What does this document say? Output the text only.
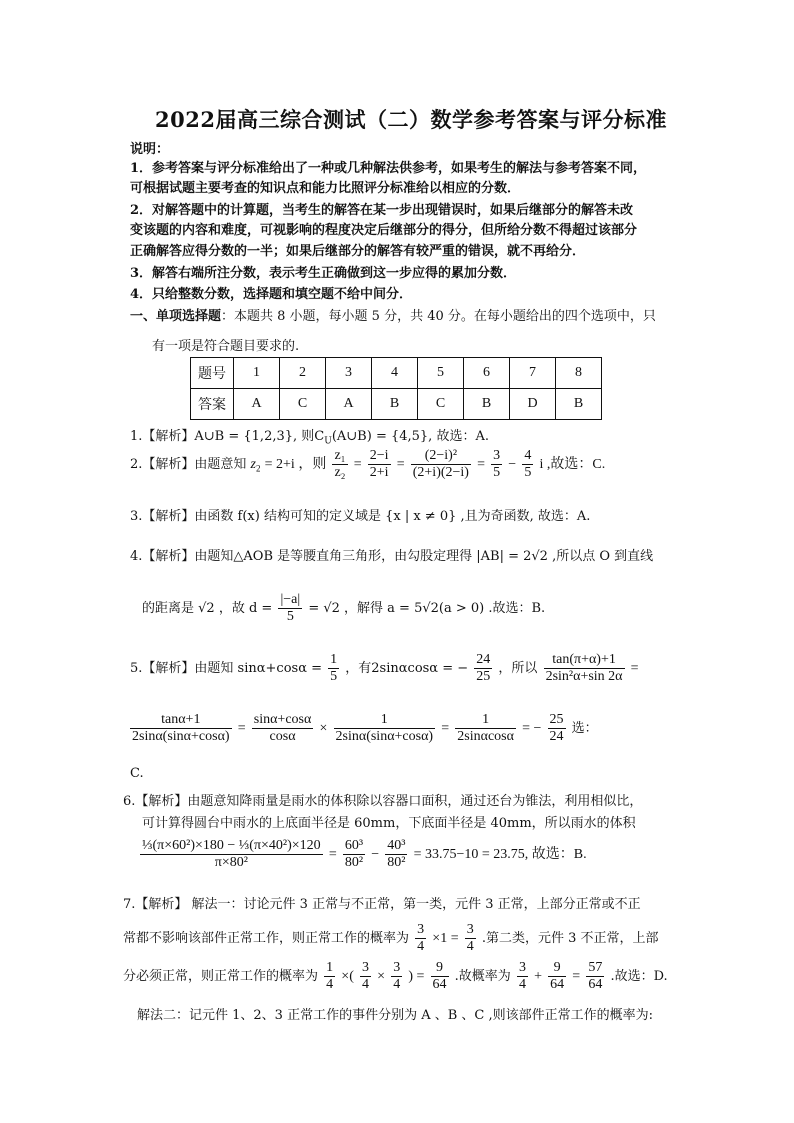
2022届高三综合测试（二）数学参考答案与评分标准
说明：
1．参考答案与评分标准给出了一种或几种解法供参考，如果考生的解法与参考答案不同，
可根据试题主要考查的知识点和能力比照评分标准给以相应的分数．
2．对解答题中的计算题，当考生的解答在某一步出现错误时，如果后继部分的解答未改
变该题的内容和难度，可视影响的程度决定后继部分的得分，但所给分数不得超过该部分
正确解答应得分数的一半；如果后继部分的解答有较严重的错误，就不再给分．
3．解答右端所注分数，表示考生正确做到这一步应得的累加分数．
4．只给整数分数，选择题和填空题不给中间分．
一、单项选择题：本题共 8 小题，每小题 5 分，共 40 分。在每小题给出的四个选项中，只
有一项是符合题目要求的.
题号	1	2	3	4	5	6	7	8
答案	A	C	A	B	C	B	D	B
1.【解析】A∪B = {1,2,3}, 则$C_U(A\cup B) = \{4,5\}$, 故选：A.
2.【解析】由题意知 $z_2 = 2+i$ ，则 $\frac{\text{z₁}}{\text{z₂}} = \frac{2-i}{2+i} = \frac{\text{(2−i)²}}{(2+i)(2-i)} = \frac{3}{5} - \frac{4}{5}$ i ,故选：C.
3.【解析】由函数 f(x) 结构可知的定义域是 {x | x ≠ 0} ,且为奇函数, 故选：A.
4.【解析】由题知△AOB 是等腰直角三角形，由勾股定理得 |AB| = 2√2 ,所以点 O 到直线
的距离是 √2 ，故 $d = \frac{|-a|}{5} = √2$ ，解得 a = 5√2(a > 0) .故选：B.
5.【解析】由题知 $\sin\alpha+\cos\alpha = \frac{1}{5}$ ，有2sinαcosα = − $\frac{24}{25}$ ，所以 $\frac{\tan(\pi+\alpha)+1}{\text{2sin²α+sin 2α}}$ =
$\frac{\tan\alpha+1}{2\sin\alpha(\sin\alpha+\cos\alpha)} = \frac{\sin\alpha+\cos\alpha}{\cos\alpha} \times \frac{1}{2\sin\alpha(\sin\alpha+\cos\alpha)} = \frac{1}{2\sin\alpha\cos\alpha}$ = − $\frac{25}{24}$ 选：
C.
6.【解析】由题意知降雨量是雨水的体积除以容器口面积，通过还台为锥法，利用相似比，
可计算得圆台中雨水的上底面半径是 60mm，下底面半径是 40mm，所以雨水的体积
$\frac{\text{⅓(π×60²)×180 − ⅓(π×40²)×120}}{\text{π×80²}} = \frac{\text{60³}}{\text{80²}} - \frac{\text{40³}}{\text{80²}} = 33.75-10 = 23.75$, 故选：B.
7.【解析】 解法一：讨论元件 3 正常与不正常，第一类，元件 3 正常，上部分正常或不正
常都不影响该部件正常工作，则正常工作的概率为 $\frac{3}{4} \times 1 = \frac{3}{4}$ .第二类，元件 3 不正常，上部
分必须正常，则正常工作的概率为 $\frac{1}{4}$ ×( $\frac{3}{4} \times \frac{3}{4}$ ) = $\frac{9}{64}$ .故概率为 $\frac{3}{4} + \frac{9}{64} = \frac{57}{64}$ .故选：D.
解法二：记元件 1、2、3 正常工作的事件分别为 A 、B 、C ,则该部件正常工作的概率为:
